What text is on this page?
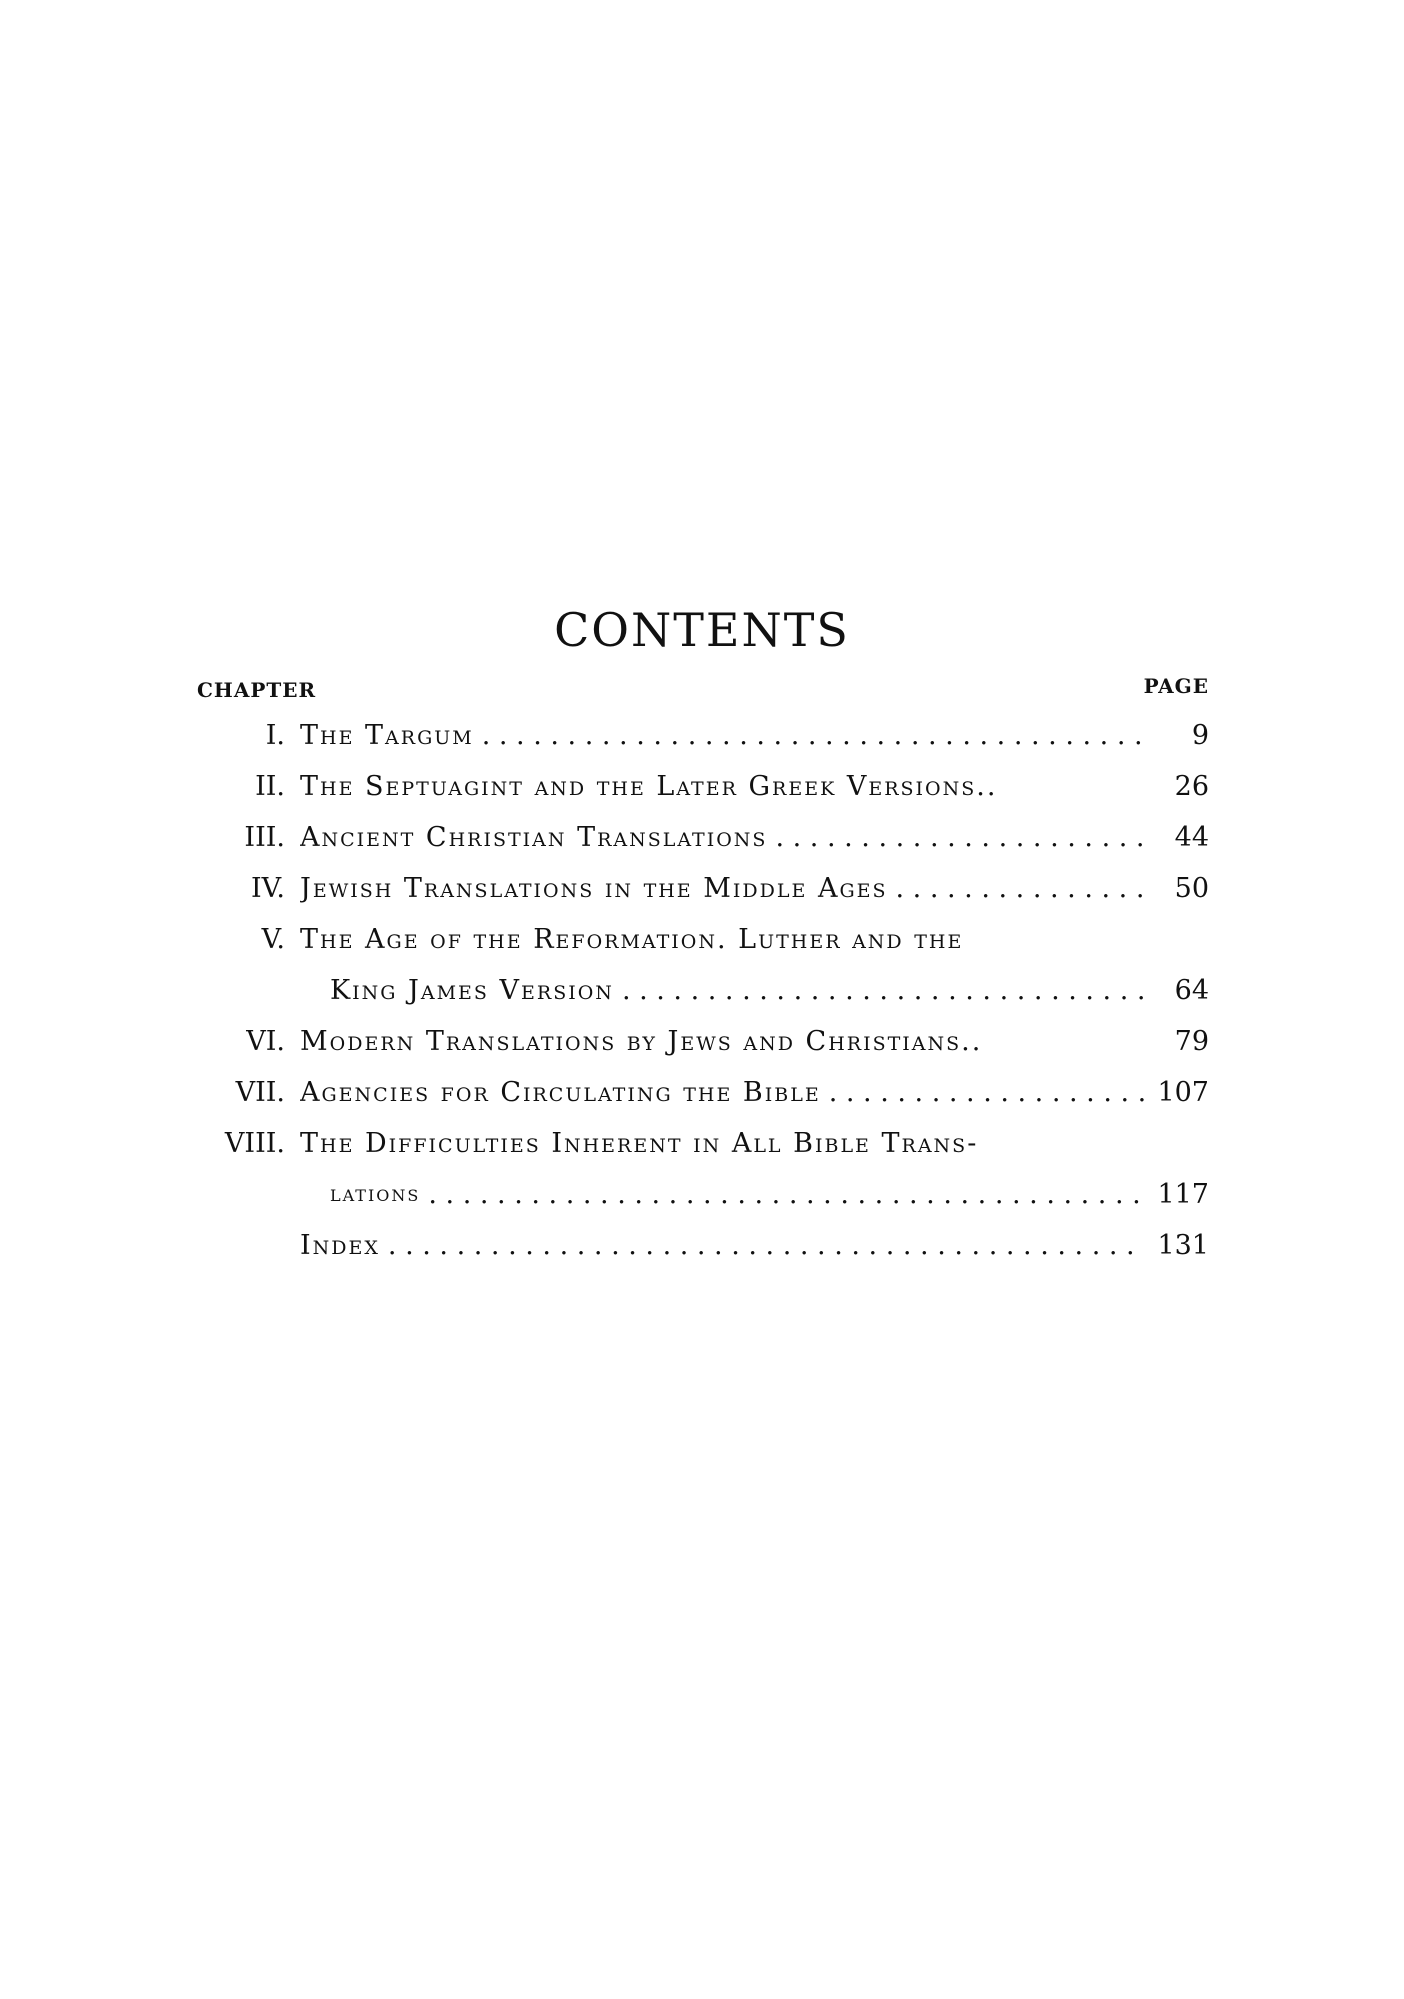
CONTENTS
CHAPTER	PAGE
I. The Targum . . .	9
II. The Septuagint and the Later Greek Versions..	26
III. Ancient Christian Translations . . .	44
IV. Jewish Translations in the Middle Ages . . .	50
V. The Age of the Reformation. Luther and the
King James Version . . .	64
VI. Modern Translations by Jews and Christians..	79
VII. Agencies for Circulating the Bible . . .	107
VIII. The Difficulties Inherent in All Bible Trans-
lations . . .	117
Index . . .	131
